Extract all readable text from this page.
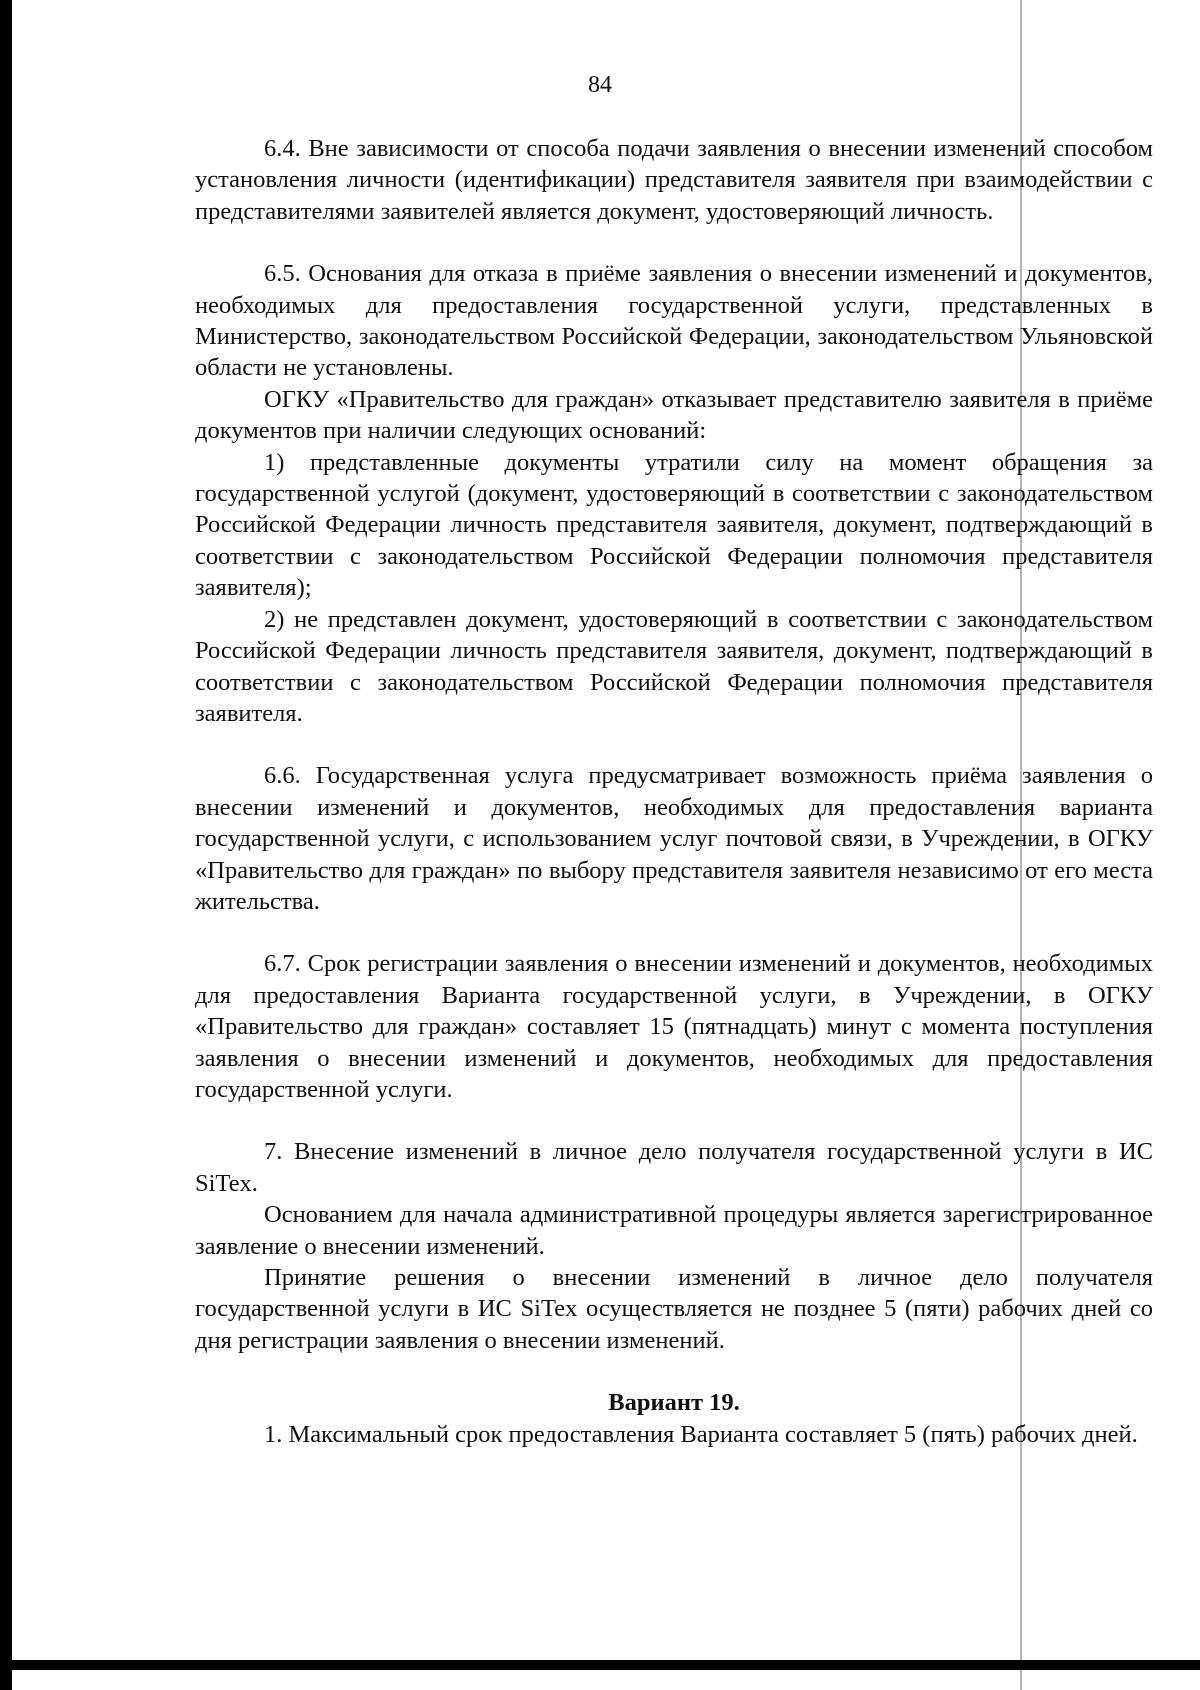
84

6.4. Вне зависимости от способа подачи заявления о внесении изменений способом установления личности (идентификации) представителя заявителя при взаимодействии с представителями заявителей является документ, удостоверяющий личность.

6.5. Основания для отказа в приёме заявления о внесении изменений и документов, необходимых для предоставления государственной услуги, представленных в Министерство, законодательством Российской Федерации, законодательством Ульяновской области не установлены.

ОГКУ «Правительство для граждан» отказывает представителю заявителя в приёме документов при наличии следующих оснований:

1) представленные документы утратили силу на момент обращения за государственной услугой (документ, удостоверяющий в соответствии с законодательством Российской Федерации личность представителя заявителя, документ, подтверждающий в соответствии с законодательством Российской Федерации полномочия представителя заявителя);

2) не представлен документ, удостоверяющий в соответствии с законодательством Российской Федерации личность представителя заявителя, документ, подтверждающий в соответствии с законодательством Российской Федерации полномочия представителя заявителя.

6.6. Государственная услуга предусматривает возможность приёма заявления о внесении изменений и документов, необходимых для предоставления варианта государственной услуги, с использованием услуг почтовой связи, в Учреждении, в ОГКУ «Правительство для граждан» по выбору представителя заявителя независимо от его места жительства.

6.7. Срок регистрации заявления о внесении изменений и документов, необходимых для предоставления Варианта государственной услуги, в Учреждении, в ОГКУ «Правительство для граждан» составляет 15 (пятнадцать) минут с момента поступления заявления о внесении изменений и документов, необходимых для предоставления государственной услуги.

7. Внесение изменений в личное дело получателя государственной услуги в ИС SiTex.

Основанием для начала административной процедуры является зарегистрированное заявление о внесении изменений.

Принятие решения о внесении изменений в личное дело получателя государственной услуги в ИС SiTex осуществляется не позднее 5 (пяти) рабочих дней со дня регистрации заявления о внесении изменений.

Вариант 19.

1. Максимальный срок предоставления Варианта составляет 5 (пять) рабочих дней.
